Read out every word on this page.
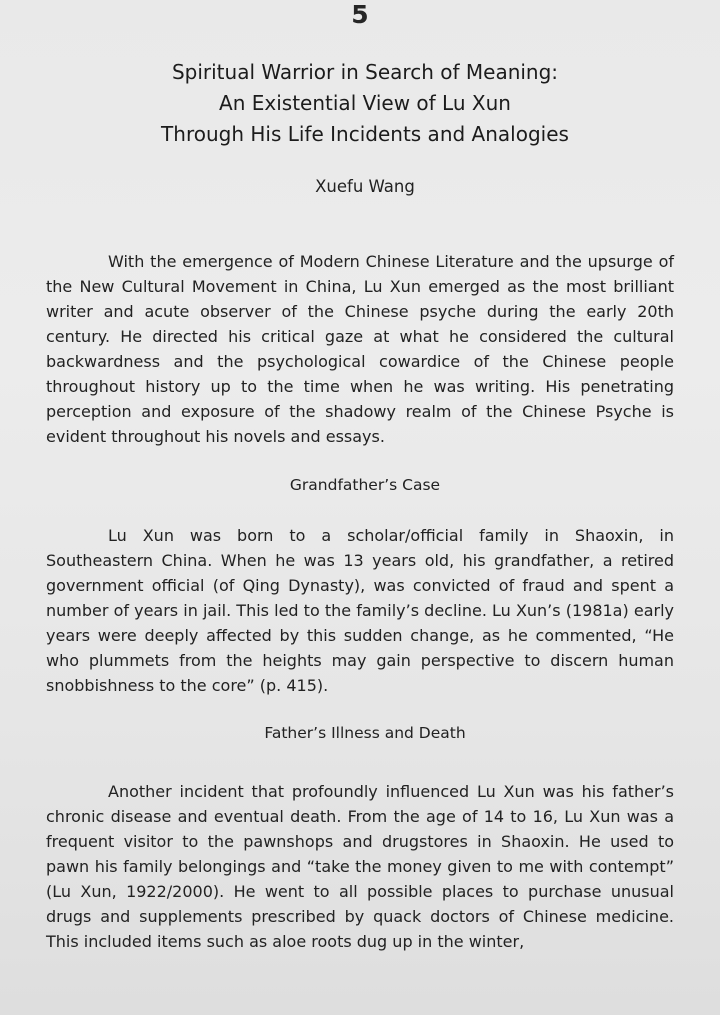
5
Spiritual Warrior in Search of Meaning:
An Existential View of Lu Xun
Through His Life Incidents and Analogies
Xuefu Wang

With the emergence of Modern Chinese Literature and the upsurge of the New Cultural Movement in China, Lu Xun emerged as the most brilliant writer and acute observer of the Chinese psyche during the early 20th century. He directed his critical gaze at what he considered the cultural backwardness and the psychological cowardice of the Chinese people throughout history up to the time when he was writing. His penetrating perception and exposure of the shadowy realm of the Chinese Psyche is evident throughout his novels and essays.

Grandfather’s Case

Lu Xun was born to a scholar/official family in Shaoxin, in Southeastern China. When he was 13 years old, his grandfather, a retired government official (of Qing Dynasty), was convicted of fraud and spent a number of years in jail. This led to the family’s decline. Lu Xun’s (1981a) early years were deeply affected by this sudden change, as he commented, “He who plummets from the heights may gain perspective to discern human snobbishness to the core” (p. 415).

Father’s Illness and Death

Another incident that profoundly influenced Lu Xun was his father’s chronic disease and eventual death. From the age of 14 to 16, Lu Xun was a frequent visitor to the pawnshops and drugstores in Shaoxin. He used to pawn his family belongings and “take the money given to me with contempt” (Lu Xun, 1922/2000). He went to all possible places to purchase unusual drugs and supplements prescribed by quack doctors of Chinese medicine. This included items such as aloe roots dug up in the winter,
